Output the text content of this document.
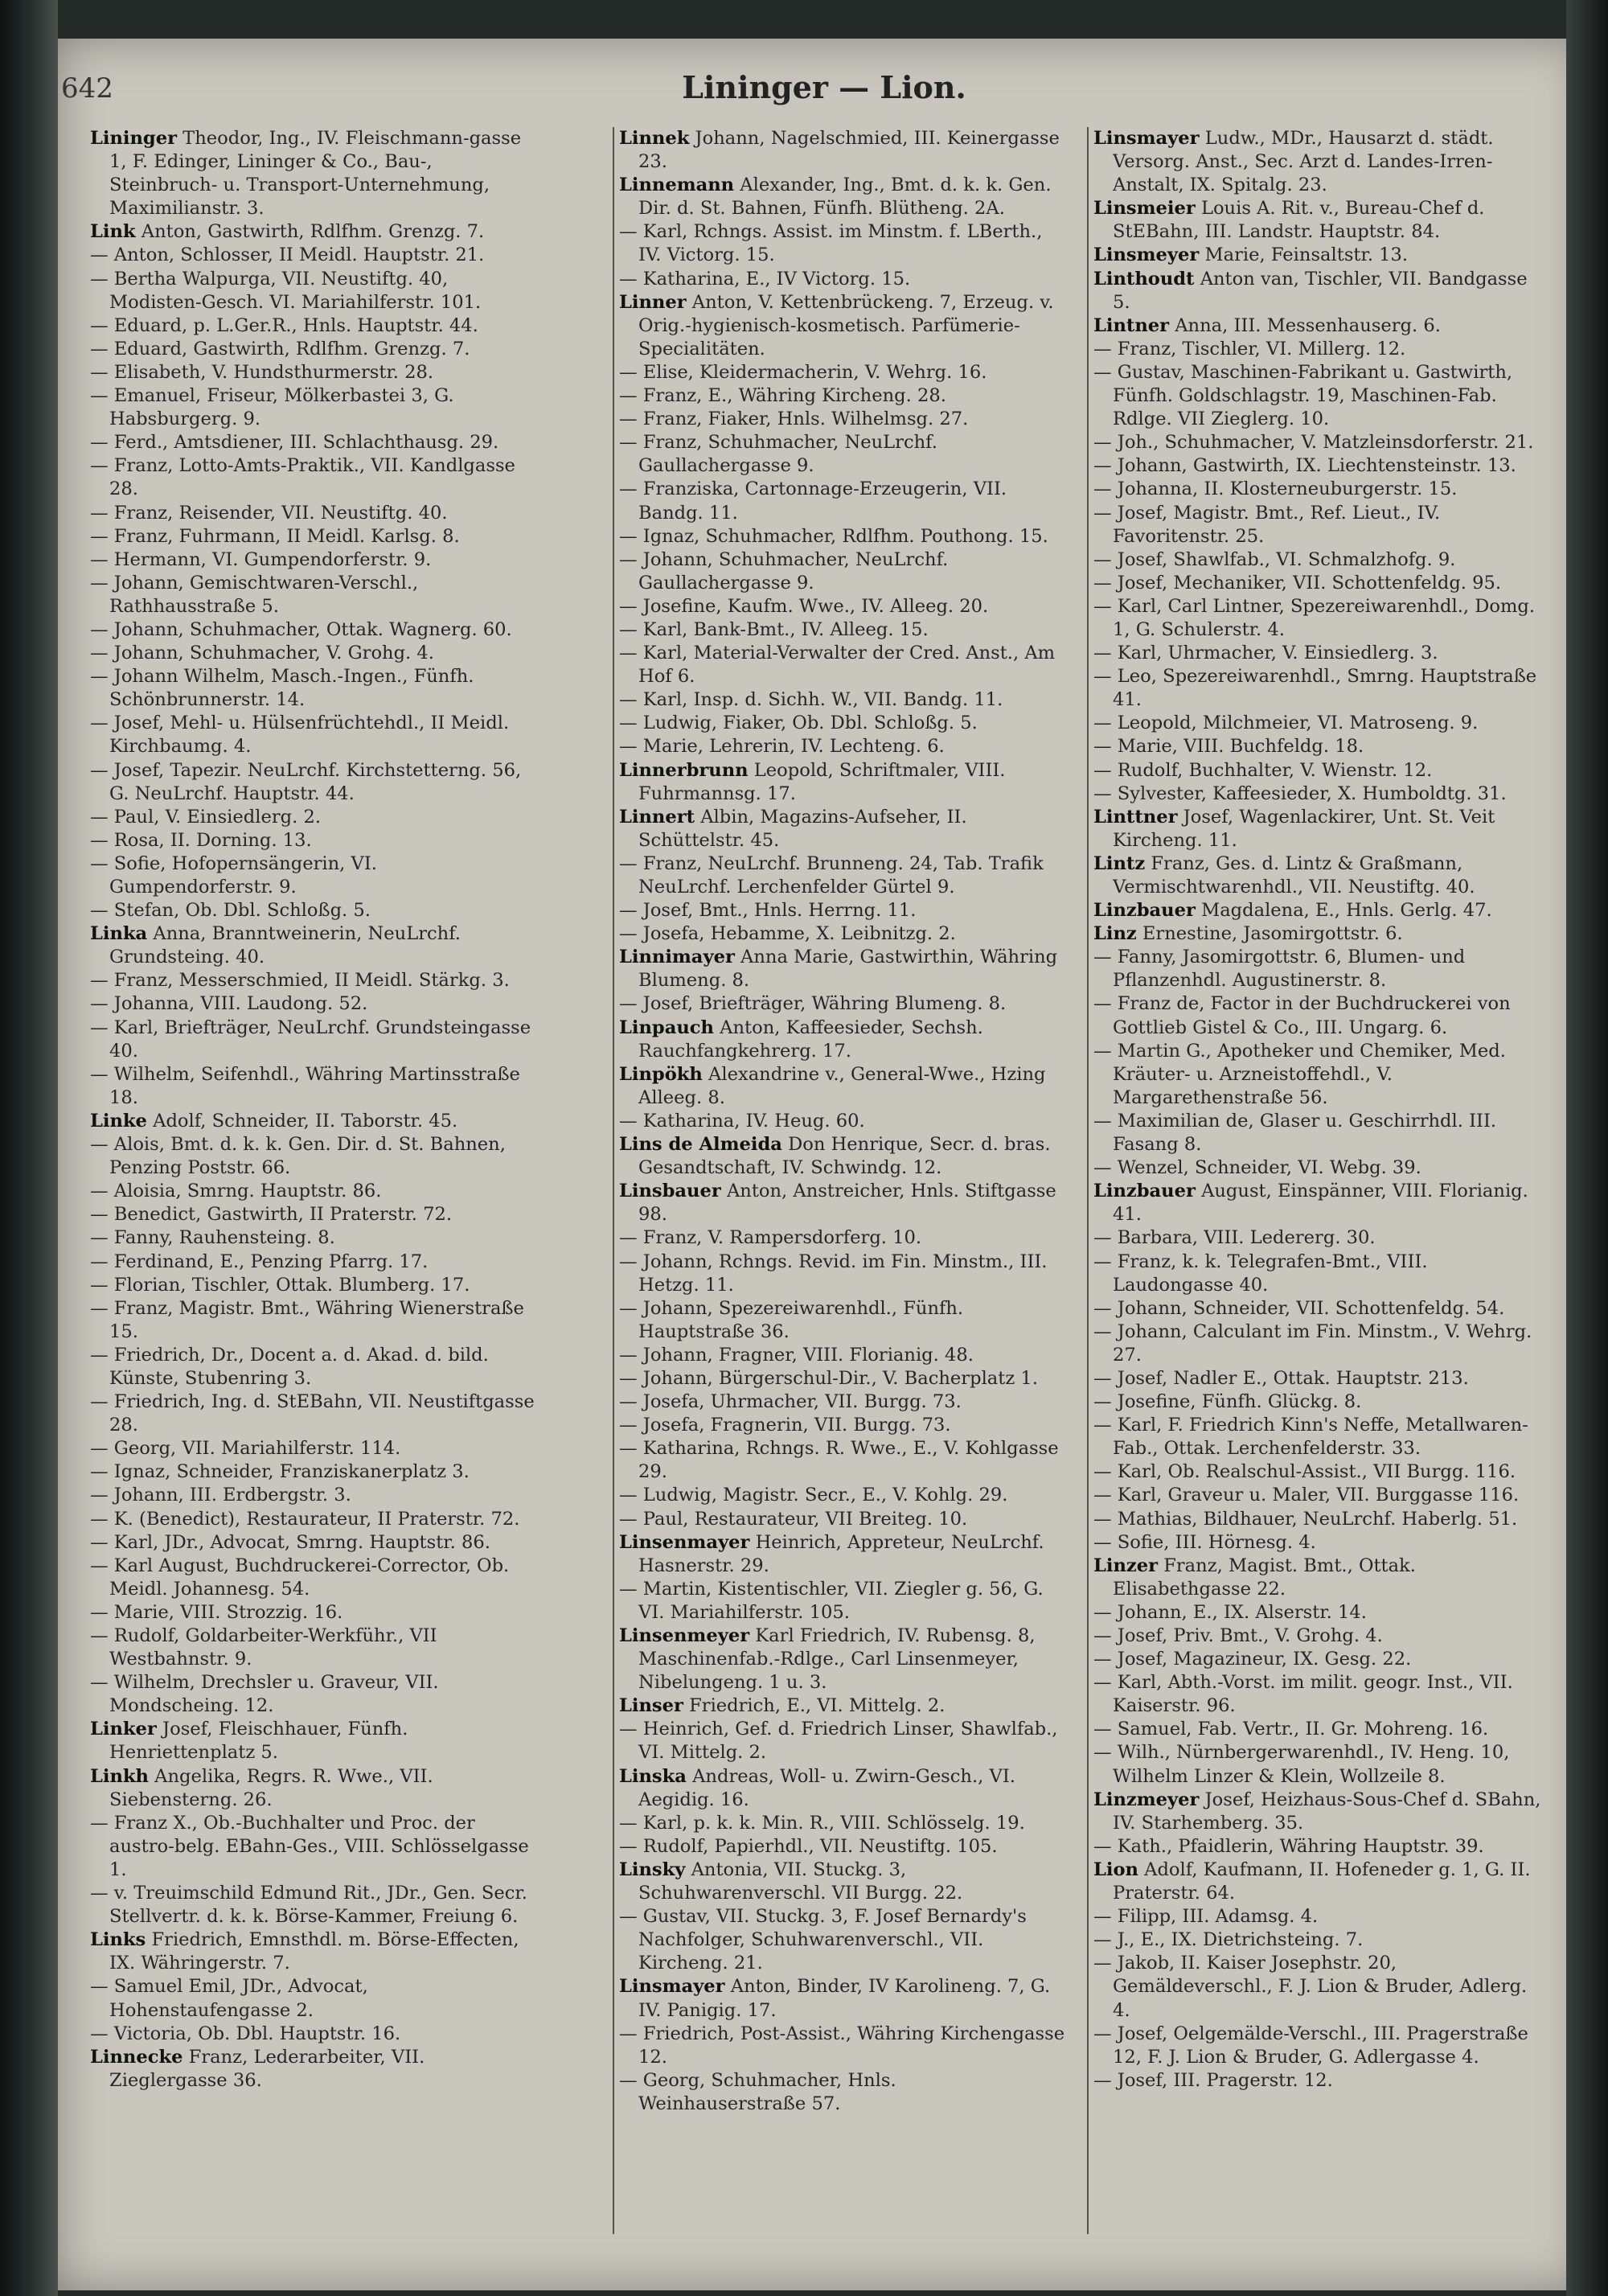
642	Lininger — Lion.

Lininger Theodor, Ing., IV. Fleischmann-gasse 1, F. Edinger, Lininger & Co., Bau-, Steinbruch- u. Transport-Unternehmung, Maximilianstr. 3.

Link Anton, Gastwirth, Rdlfhm. Grenzg. 7.

— Anton, Schlosser, II Meidl. Hauptstr. 21.

— Bertha Walpurga, VII. Neustiftg. 40, Modisten-Gesch. VI. Mariahilferstr. 101.

— Eduard, p. L.Ger.R., Hnls. Hauptstr. 44.

— Eduard, Gastwirth, Rdlfhm. Grenzg. 7.

— Elisabeth, V. Hundsthurmerstr. 28.

— Emanuel, Friseur, Mölkerbastei 3, G. Habsburgerg. 9.

— Ferd., Amtsdiener, III. Schlachthausg. 29.

— Franz, Lotto-Amts-Praktik., VII. Kandlgasse 28.

— Franz, Reisender, VII. Neustiftg. 40.

— Franz, Fuhrmann, II Meidl. Karlsg. 8.

— Hermann, VI. Gumpendorferstr. 9.

— Johann, Gemischtwaren-Verschl., Rathhausstraße 5.

— Johann, Schuhmacher, Ottak. Wagnerg. 60.

— Johann, Schuhmacher, V. Grohg. 4.

— Johann Wilhelm, Masch.-Ingen., Fünfh. Schönbrunnerstr. 14.

— Josef, Mehl- u. Hülsenfrüchtehdl., II Meidl. Kirchbaumg. 4.

— Josef, Tapezir. NeuLrchf. Kirchstetterng. 56, G. NeuLrchf. Hauptstr. 44.

— Paul, V. Einsiedlerg. 2.

— Rosa, II. Dorning. 13.

— Sofie, Hofopernsängerin, VI. Gumpendorferstr. 9.

— Stefan, Ob. Dbl. Schloßg. 5.

Linka Anna, Branntweinerin, NeuLrchf. Grundsteing. 40.

— Franz, Messerschmied, II Meidl. Stärkg. 3.

— Johanna, VIII. Laudong. 52.

— Karl, Briefträger, NeuLrchf. Grundsteingasse 40.

— Wilhelm, Seifenhdl., Währing Martinsstraße 18.

Linke Adolf, Schneider, II. Taborstr. 45.

— Alois, Bmt. d. k. k. Gen. Dir. d. St. Bahnen, Penzing Poststr. 66.

— Aloisia, Smrng. Hauptstr. 86.

— Benedict, Gastwirth, II Praterstr. 72.

— Fanny, Rauhensteing. 8.

— Ferdinand, E., Penzing Pfarrg. 17.

— Florian, Tischler, Ottak. Blumberg. 17.

— Franz, Magistr. Bmt., Währing Wienerstraße 15.

— Friedrich, Dr., Docent a. d. Akad. d. bild. Künste, Stubenring 3.

— Friedrich, Ing. d. StEBahn, VII. Neustiftgasse 28.

— Georg, VII. Mariahilferstr. 114.

— Ignaz, Schneider, Franziskanerplatz 3.

— Johann, III. Erdbergstr. 3.

— K. (Benedict), Restaurateur, II Praterstr. 72.

— Karl, JDr., Advocat, Smrng. Hauptstr. 86.

— Karl August, Buchdruckerei-Corrector, Ob. Meidl. Johannesg. 54.

— Marie, VIII. Strozzig. 16.

— Rudolf, Goldarbeiter-Werkführ., VII Westbahnstr. 9.

— Wilhelm, Drechsler u. Graveur, VII. Mondscheing. 12.

Linker Josef, Fleischhauer, Fünfh. Henriettenplatz 5.

Linkh Angelika, Regrs. R. Wwe., VII. Siebensterng. 26.

— Franz X., Ob.-Buchhalter und Proc. der austro-belg. EBahn-Ges., VIII. Schlösselgasse 1.

— v. Treuimschild Edmund Rit., JDr., Gen. Secr. Stellvertr. d. k. k. Börse-Kammer, Freiung 6.

Links Friedrich, Emnsthdl. m. Börse-Effecten, IX. Währingerstr. 7.

— Samuel Emil, JDr., Advocat, Hohenstaufengasse 2.

— Victoria, Ob. Dbl. Hauptstr. 16.

Linnecke Franz, Lederarbeiter, VII. Zieglergasse 36.

Linnek Johann, Nagelschmied, III. Keinergasse 23.

Linnemann Alexander, Ing., Bmt. d. k. k. Gen. Dir. d. St. Bahnen, Fünfh. Blütheng. 2A.

— Karl, Rchngs. Assist. im Minstm. f. LBerth., IV. Victorg. 15.

— Katharina, E., IV Victorg. 15.

Linner Anton, V. Kettenbrückeng. 7, Erzeug. v. Orig.-hygienisch-kosmetisch. Parfümerie-Specialitäten.

— Elise, Kleidermacherin, V. Wehrg. 16.

— Franz, E., Währing Kircheng. 28.

— Franz, Fiaker, Hnls. Wilhelmsg. 27.

— Franz, Schuhmacher, NeuLrchf. Gaullachergasse 9.

— Franziska, Cartonnage-Erzeugerin, VII. Bandg. 11.

— Ignaz, Schuhmacher, Rdlfhm. Pouthong. 15.

— Johann, Schuhmacher, NeuLrchf. Gaullachergasse 9.

— Josefine, Kaufm. Wwe., IV. Alleeg. 20.

— Karl, Bank-Bmt., IV. Alleeg. 15.

— Karl, Material-Verwalter der Cred. Anst., Am Hof 6.

— Karl, Insp. d. Sichh. W., VII. Bandg. 11.

— Ludwig, Fiaker, Ob. Dbl. Schloßg. 5.

— Marie, Lehrerin, IV. Lechteng. 6.

Linnerbrunn Leopold, Schriftmaler, VIII. Fuhrmannsg. 17.

Linnert Albin, Magazins-Aufseher, II. Schüttelstr. 45.

— Franz, NeuLrchf. Brunneng. 24, Tab. Trafik NeuLrchf. Lerchenfelder Gürtel 9.

— Josef, Bmt., Hnls. Herrng. 11.

— Josefa, Hebamme, X. Leibnitzg. 2.

Linnimayer Anna Marie, Gastwirthin, Währing Blumeng. 8.

— Josef, Briefträger, Währing Blumeng. 8.

Linpauch Anton, Kaffeesieder, Sechsh. Rauchfangkehrerg. 17.

Linpökh Alexandrine v., General-Wwe., Hzing Alleeg. 8.

— Katharina, IV. Heug. 60.

Lins de Almeida Don Henrique, Secr. d. bras. Gesandtschaft, IV. Schwindg. 12.

Linsbauer Anton, Anstreicher, Hnls. Stiftgasse 98.

— Franz, V. Rampersdorferg. 10.

— Johann, Rchngs. Revid. im Fin. Minstm., III. Hetzg. 11.

— Johann, Spezereiwarenhdl., Fünfh. Hauptstraße 36.

— Johann, Fragner, VIII. Florianig. 48.

— Johann, Bürgerschul-Dir., V. Bacherplatz 1.

— Josefa, Uhrmacher, VII. Burgg. 73.

— Josefa, Fragnerin, VII. Burgg. 73.

— Katharina, Rchngs. R. Wwe., E., V. Kohlgasse 29.

— Ludwig, Magistr. Secr., E., V. Kohlg. 29.

— Paul, Restaurateur, VII Breiteg. 10.

Linsenmayer Heinrich, Appreteur, NeuLrchf. Hasnerstr. 29.

— Martin, Kistentischler, VII. Ziegler g. 56, G. VI. Mariahilferstr. 105.

Linsenmeyer Karl Friedrich, IV. Rubensg. 8, Maschinenfab.-Rdlge., Carl Linsenmeyer, Nibelungeng. 1 u. 3.

Linser Friedrich, E., VI. Mittelg. 2.

— Heinrich, Gef. d. Friedrich Linser, Shawlfab., VI. Mittelg. 2.

Linska Andreas, Woll- u. Zwirn-Gesch., VI. Aegidig. 16.

— Karl, p. k. k. Min. R., VIII. Schlösselg. 19.

— Rudolf, Papierhdl., VII. Neustiftg. 105.

Linsky Antonia, VII. Stuckg. 3, Schuhwarenverschl. VII Burgg. 22.

— Gustav, VII. Stuckg. 3, F. Josef Bernardy's Nachfolger, Schuhwarenverschl., VII. Kircheng. 21.

Linsmayer Anton, Binder, IV Karolineng. 7, G. IV. Panigig. 17.

— Friedrich, Post-Assist., Währing Kirchengasse 12.

— Georg, Schuhmacher, Hnls. Weinhauserstraße 57.

Linsmayer Ludw., MDr., Hausarzt d. städt. Versorg. Anst., Sec. Arzt d. Landes-Irren-Anstalt, IX. Spitalg. 23.

Linsmeier Louis A. Rit. v., Bureau-Chef d. StEBahn, III. Landstr. Hauptstr. 84.

Linsmeyer Marie, Feinsaltstr. 13.

Linthoudt Anton van, Tischler, VII. Bandgasse 5.

Lintner Anna, III. Messenhauserg. 6.

— Franz, Tischler, VI. Millerg. 12.

— Gustav, Maschinen-Fabrikant u. Gastwirth, Fünfh. Goldschlagstr. 19, Maschinen-Fab. Rdlge. VII Zieglerg. 10.

— Joh., Schuhmacher, V. Matzleinsdorferstr. 21.

— Johann, Gastwirth, IX. Liechtensteinstr. 13.

— Johanna, II. Klosterneuburgerstr. 15.

— Josef, Magistr. Bmt., Ref. Lieut., IV. Favoritenstr. 25.

— Josef, Shawlfab., VI. Schmalzhofg. 9.

— Josef, Mechaniker, VII. Schottenfeldg. 95.

— Karl, Carl Lintner, Spezereiwarenhdl., Domg. 1, G. Schulerstr. 4.

— Karl, Uhrmacher, V. Einsiedlerg. 3.

— Leo, Spezereiwarenhdl., Smrng. Hauptstraße 41.

— Leopold, Milchmeier, VI. Matroseng. 9.

— Marie, VIII. Buchfeldg. 18.

— Rudolf, Buchhalter, V. Wienstr. 12.

— Sylvester, Kaffeesieder, X. Humboldtg. 31.

Linttner Josef, Wagenlackirer, Unt. St. Veit Kircheng. 11.

Lintz Franz, Ges. d. Lintz & Graßmann, Vermischtwarenhdl., VII. Neustiftg. 40.

Linzbauer Magdalena, E., Hnls. Gerlg. 47.

Linz Ernestine, Jasomirgottstr. 6.

— Fanny, Jasomirgottstr. 6, Blumen- und Pflanzenhdl. Augustinerstr. 8.

— Franz de, Factor in der Buchdruckerei von Gottlieb Gistel & Co., III. Ungarg. 6.

— Martin G., Apotheker und Chemiker, Med. Kräuter- u. Arzneistoffehdl., V. Margarethenstraße 56.

— Maximilian de, Glaser u. Geschirrhdl. III. Fasang 8.

— Wenzel, Schneider, VI. Webg. 39.

Linzbauer August, Einspänner, VIII. Florianig. 41.

— Barbara, VIII. Ledererg. 30.

— Franz, k. k. Telegrafen-Bmt., VIII. Laudongasse 40.

— Johann, Schneider, VII. Schottenfeldg. 54.

— Johann, Calculant im Fin. Minstm., V. Wehrg. 27.

— Josef, Nadler E., Ottak. Hauptstr. 213.

— Josefine, Fünfh. Glückg. 8.

— Karl, F. Friedrich Kinn's Neffe, Metallwaren-Fab., Ottak. Lerchenfelderstr. 33.

— Karl, Ob. Realschul-Assist., VII Burgg. 116.

— Karl, Graveur u. Maler, VII. Burggasse 116.

— Mathias, Bildhauer, NeuLrchf. Haberlg. 51.

— Sofie, III. Hörnesg. 4.

Linzer Franz, Magist. Bmt., Ottak. Elisabethgasse 22.

— Johann, E., IX. Alserstr. 14.

— Josef, Priv. Bmt., V. Grohg. 4.

— Josef, Magazineur, IX. Gesg. 22.

— Karl, Abth.-Vorst. im milit. geogr. Inst., VII. Kaiserstr. 96.

— Samuel, Fab. Vertr., II. Gr. Mohreng. 16.

— Wilh., Nürnbergerwarenhdl., IV. Heng. 10, Wilhelm Linzer & Klein, Wollzeile 8.

Linzmeyer Josef, Heizhaus-Sous-Chef d. SBahn, IV. Starhemberg. 35.

— Kath., Pfaidlerin, Währing Hauptstr. 39.

Lion Adolf, Kaufmann, II. Hofeneder g. 1, G. II. Praterstr. 64.

— Filipp, III. Adamsg. 4.

— J., E., IX. Dietrichsteing. 7.

— Jakob, II. Kaiser Josephstr. 20, Gemäldeverschl., F. J. Lion & Bruder, Adlerg. 4.

— Josef, Oelgemälde-Verschl., III. Pragerstraße 12, F. J. Lion & Bruder, G. Adlergasse 4.

— Josef, III. Pragerstr. 12.
